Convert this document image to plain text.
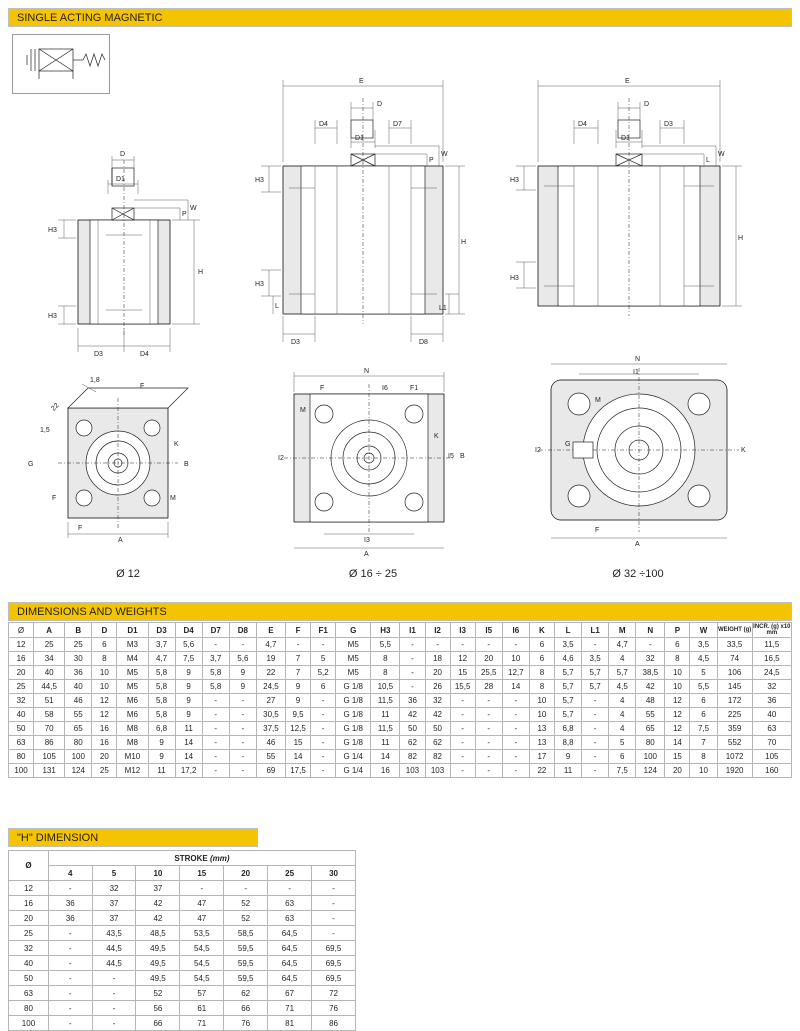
SINGLE ACTING MAGNETIC
D
D1
H3
H3
H
P
W
D3	D4
E
D
D4
D1
D7
H3
H3
L
P
W
H
L1
D3	D8
E
D
D4
D1
D3
H3
H3
L
W
H
1,8
F
22
1,5
G
K
B
M
F
F
A
N
F	I6	F1
M
I2
K
I5 B
I3
A
N
I1
M
I2
G
K
F
A
Ø 12	Ø 16 ÷ 25	Ø 32 ÷100
DIMENSIONS AND WEIGHTS
Ø	A	B	D	D1	D3	D4	D7	D8	E	F	F1	G	H3	I1	I2	I3	I5	I6	K	L	L1	M	N	P	W	WEIGHT (g)	INCR. (g) x10 mm
12	25	25	6	M3	3,7	5,6	-	-	4,7	-	-	M5	5,5	-	-	-	-	-	6	3,5	-	4,7	-	6	3,5	33,5	11,5
16	34	30	8	M4	4,7	7,5	3,7	5,6	19	7	5	M5	8	-	18	12	20	10	6	4,6	3,5	4	32	8	4,5	74	16,5
20	40	36	10	M5	5,8	9	5,8	9	22	7	5,2	M5	8	-	20	15	25,5	12,7	8	5,7	5,7	5,7	38,5	10	5	106	24,5
25	44,5	40	10	M5	5,8	9	5,8	9	24,5	9	6	G 1/8	10,5	-	26	15,5	28	14	8	5,7	5,7	4,5	42	10	5,5	145	32
32	51	46	12	M6	5,8	9	-	-	27	9	-	G 1/8	11,5	36	32	-	-	-	10	5,7	-	4	48	12	6	172	36
40	58	55	12	M6	5,8	9	-	-	30,5	9,5	-	G 1/8	11	42	42	-	-	-	10	5,7	-	4	55	12	6	225	40
50	70	65	16	M8	6,8	11	-	-	37,5	12,5	-	G 1/8	11,5	50	50	-	-	-	13	6,8	-	4	65	12	7,5	359	63
63	86	80	16	M8	9	14	-	-	46	15	-	G 1/8	11	62	62	-	-	-	13	8,8	-	5	80	14	7	552	70
80	105	100	20	M10	9	14	-	-	55	14	-	G 1/4	14	82	82	-	-	-	17	9	-	6	100	15	8	1072	105
100	131	124	25	M12	11	17,2	-	-	69	17,5	-	G 1/4	16	103	103	-	-	-	22	11	-	7,5	124	20	10	1920	160
"H" DIMENSION
Ø	STROKE (mm)						
	4	5	10	15	20	25	30
12	-	32	37	-	-	-	-
16	36	37	42	47	52	63	-
20	36	37	42	47	52	63	-
25	-	43,5	48,5	53,5	58,5	64,5	-
32	-	44,5	49,5	54,5	59,5	64,5	69,5
40	-	44,5	49,5	54,5	59,5	64,5	69,5
50	-	-	49,5	54,5	59,5	64,5	69,5
63	-	-	52	57	62	67	72
80	-	-	56	61	66	71	76
100	-	-	66	71	76	81	86
